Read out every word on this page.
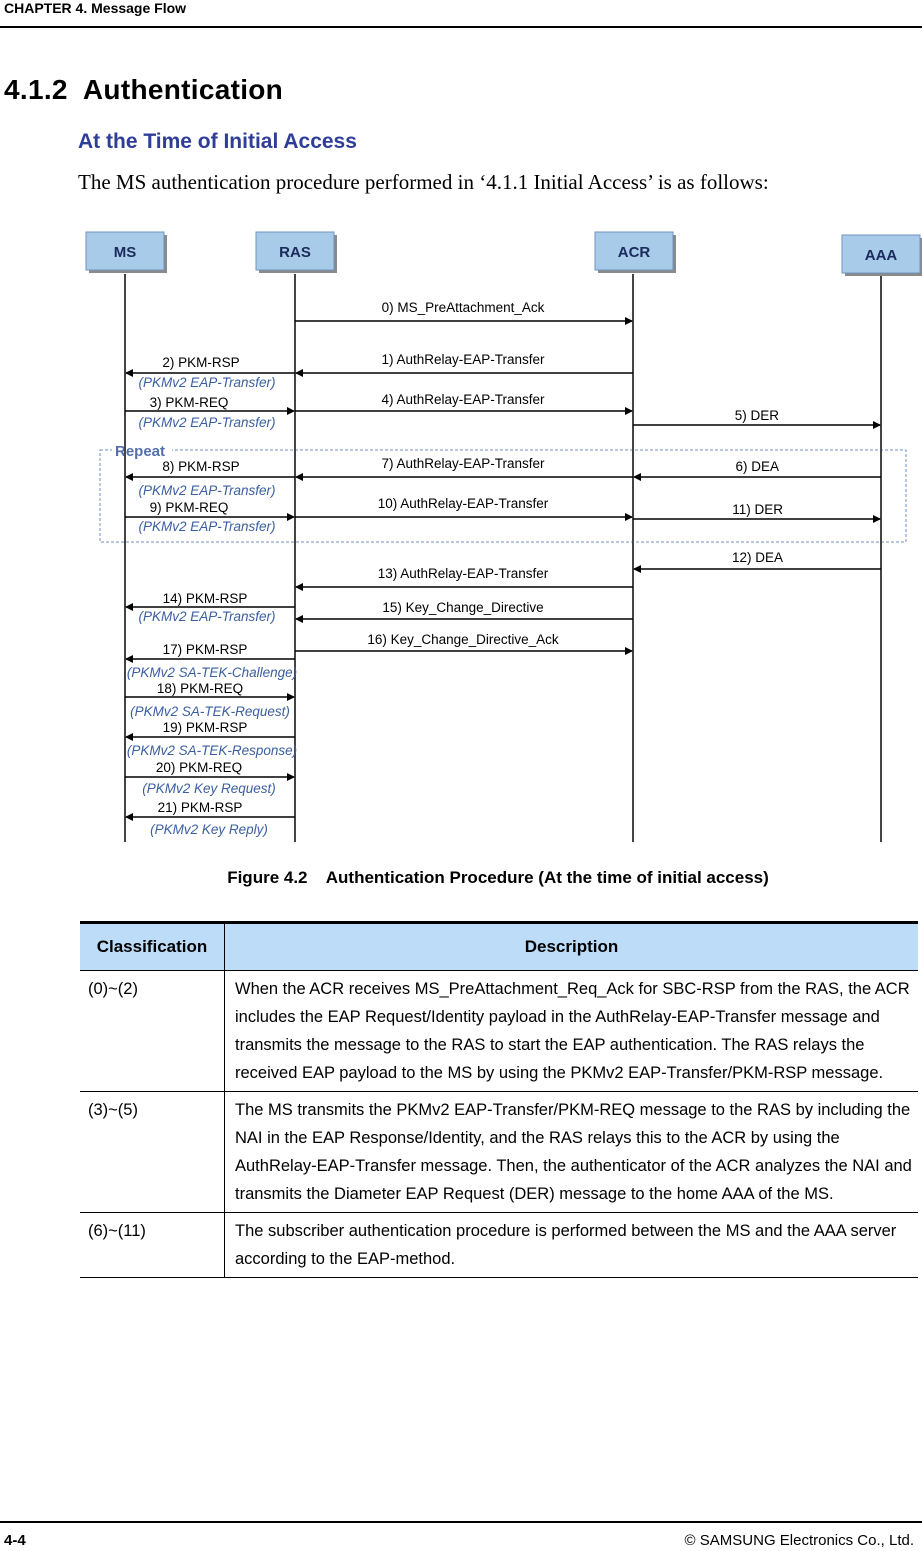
CHAPTER 4. Message Flow
4.1.2  Authentication
At the Time of Initial Access
The MS authentication procedure performed in ‘4.1.1 Initial Access’ is as follows:
Repeat
MS	RAS	ACR	AAA
0) MS_PreAttachment_Ack
1) AuthRelay-EAP-Transfer
2) PKM-RSP
3) PKM-REQ	4) AuthRelay-EAP-Transfer
5) DER
6) DEA
7) AuthRelay-EAP-Transfer
8) PKM-RSP
9) PKM-REQ	10) AuthRelay-EAP-Transfer	11) DER
12) DEA
13) AuthRelay-EAP-Transfer
14) PKM-RSP
15) Key_Change_Directive
16) Key_Change_Directive_Ack
17) PKM-RSP
18) PKM-REQ
19) PKM-RSP
20) PKM-REQ
21) PKM-RSP
(PKMv2 EAP-Transfer)
(PKMv2 EAP-Transfer)
(PKMv2 EAP-Transfer)
(PKMv2 EAP-Transfer)
(PKMv2 EAP-Transfer)
(PKMv2 SA-TEK-Challenge)
(PKMv2 SA-TEK-Request)
(PKMv2 SA-TEK-Response)
(PKMv2 Key Request)
(PKMv2 Key Reply)
Figure 4.2    Authentication Procedure (At the time of initial access)
Classification	Description
(0)~(2)	When the ACR receives MS_PreAttachment_Req_Ack for SBC-RSP from the RAS, the ACR includes the EAP Request/Identity payload in the AuthRelay-EAP-Transfer message and transmits the message to the RAS to start the EAP authentication. The RAS relays the received EAP payload to the MS by using the PKMv2 EAP-Transfer/PKM-RSP message.
(3)~(5)	The MS transmits the PKMv2 EAP-Transfer/PKM-REQ message to the RAS by including the NAI in the EAP Response/Identity, and the RAS relays this to the ACR by using the AuthRelay-EAP-Transfer message. Then, the authenticator of the ACR analyzes the NAI and transmits the Diameter EAP Request (DER) message to the home AAA of the MS.
(6)~(11)	The subscriber authentication procedure is performed between the MS and the AAA server according to the EAP-method.
4-4	© SAMSUNG Electronics Co., Ltd.
